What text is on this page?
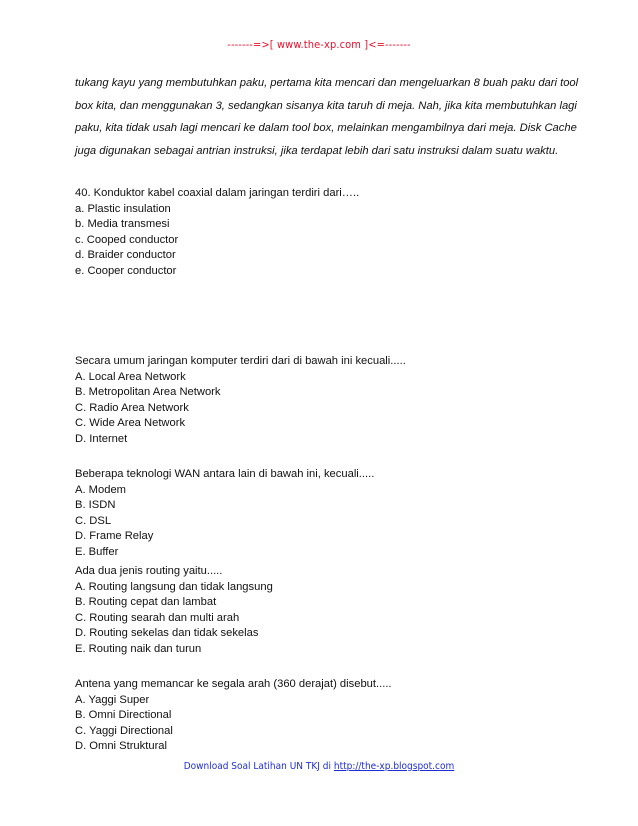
-------=>[ www.the-xp.com ]<=-------

tukang kayu yang membutuhkan paku, pertama kita mencari dan mengeluarkan 8 buah paku dari tool

box kita, dan menggunakan 3, sedangkan sisanya kita taruh di meja. Nah, jika kita membutuhkan lagi

paku, kita tidak usah lagi mencari ke dalam tool box, melainkan mengambilnya dari meja. Disk Cache

juga digunakan sebagai antrian instruksi, jika terdapat lebih dari satu instruksi dalam suatu waktu.

40. Konduktor kabel coaxial dalam jaringan terdiri dari…..

a. Plastic insulation

b. Media transmesi

c. Cooped conductor

d. Braider conductor

e. Cooper conductor

Secara umum jaringan komputer terdiri dari di bawah ini kecuali.....

A. Local Area Network

B. Metropolitan Area Network

C. Radio Area Network

C. Wide Area Network

D. Internet

Beberapa teknologi WAN antara lain di bawah ini, kecuali.....

A. Modem

B. ISDN

C. DSL

D. Frame Relay

E. Buffer

Ada dua jenis routing yaitu.....

A. Routing langsung dan tidak langsung

B. Routing cepat dan lambat

C. Routing searah dan multi arah

D. Routing sekelas dan tidak sekelas

E. Routing naik dan turun

Antena yang memancar ke segala arah (360 derajat) disebut.....

A. Yaggi Super

B. Omni Directional

C. Yaggi Directional

D. Omni Struktural

Download Soal Latihan UN TKJ di http://the-xp.blogspot.com
